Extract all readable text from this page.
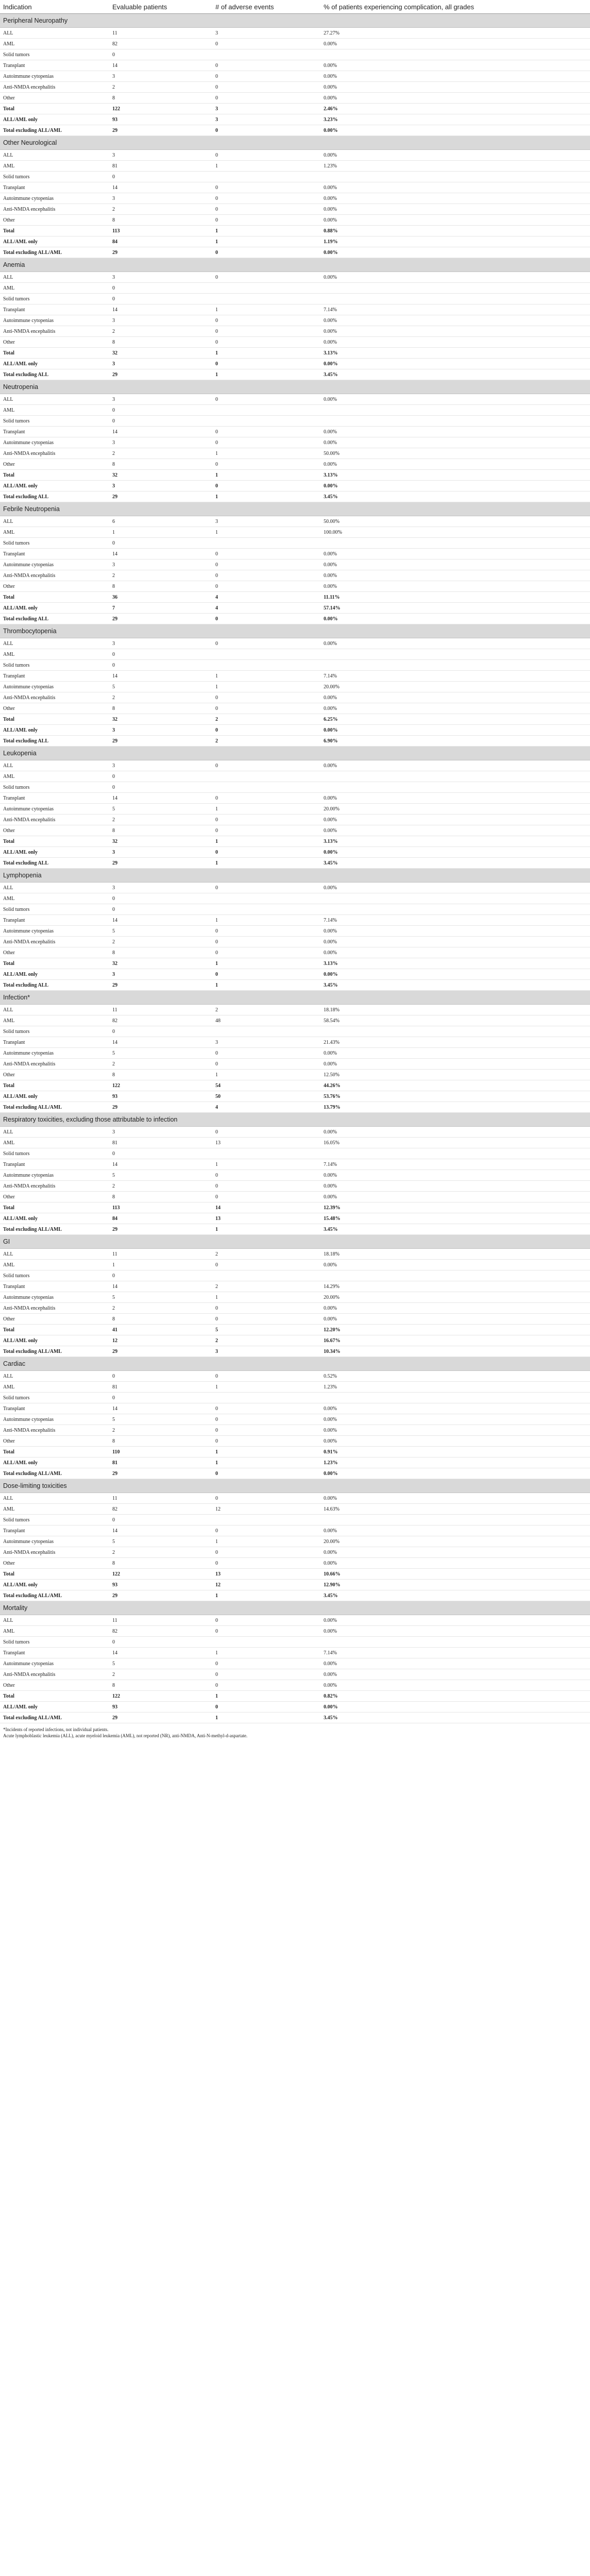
Indication	Evaluable patients	# of adverse events	% of patients experiencing complication, all grades
Peripheral Neuropathy			
ALL	11	3	27.27%
AML	82	0	0.00%
Solid tumors	0		
Transplant	14	0	0.00%
Autoimmune cytopenias	3	0	0.00%
Anti-NMDA encephalitis	2	0	0.00%
Other	8	0	0.00%
Total	122	3	2.46%
ALL/AML only	93	3	3.23%
Total excluding ALL/AML	29	0	0.00%
Other Neurological			
ALL	3	0	0.00%
AML	81	1	1.23%
Solid tumors	0		
Transplant	14	0	0.00%
Autoimmune cytopenias	3	0	0.00%
Anti-NMDA encephalitis	2	0	0.00%
Other	8	0	0.00%
Total	113	1	0.88%
ALL/AML only	84	1	1.19%
Total excluding ALL/AML	29	0	0.00%
Anemia			
ALL	3	0	0.00%
AML	0		
Solid tumors	0		
Transplant	14	1	7.14%
Autoimmune cytopenias	3	0	0.00%
Anti-NMDA encephalitis	2	0	0.00%
Other	8	0	0.00%
Total	32	1	3.13%
ALL/AML only	3	0	0.00%
Total excluding ALL	29	1	3.45%
Neutropenia			
ALL	3	0	0.00%
AML	0		
Solid tumors	0		
Transplant	14	0	0.00%
Autoimmune cytopenias	3	0	0.00%
Anti-NMDA encephalitis	2	1	50.00%
Other	8	0	0.00%
Total	32	1	3.13%
ALL/AML only	3	0	0.00%
Total excluding ALL	29	1	3.45%
Febrile Neutropenia			
ALL	6	3	50.00%
AML	1	1	100.00%
Solid tumors	0		
Transplant	14	0	0.00%
Autoimmune cytopenias	3	0	0.00%
Anti-NMDA encephalitis	2	0	0.00%
Other	8	0	0.00%
Total	36	4	11.11%
ALL/AML only	7	4	57.14%
Total excluding ALL	29	0	0.00%
Thrombocytopenia			
ALL	3	0	0.00%
AML	0		
Solid tumors	0		
Transplant	14	1	7.14%
Autoimmune cytopenias	5	1	20.00%
Anti-NMDA encephalitis	2	0	0.00%
Other	8	0	0.00%
Total	32	2	6.25%
ALL/AML only	3	0	0.00%
Total excluding ALL	29	2	6.90%
Leukopenia			
ALL	3	0	0.00%
AML	0		
Solid tumors	0		
Transplant	14	0	0.00%
Autoimmune cytopenias	5	1	20.00%
Anti-NMDA encephalitis	2	0	0.00%
Other	8	0	0.00%
Total	32	1	3.13%
ALL/AML only	3	0	0.00%
Total excluding ALL	29	1	3.45%
Lymphopenia			
ALL	3	0	0.00%
AML	0		
Solid tumors	0		
Transplant	14	1	7.14%
Autoimmune cytopenias	5	0	0.00%
Anti-NMDA encephalitis	2	0	0.00%
Other	8	0	0.00%
Total	32	1	3.13%
ALL/AML only	3	0	0.00%
Total excluding ALL	29	1	3.45%
Infection*			
ALL	11	2	18.18%
AML	82	48	58.54%
Solid tumors	0		
Transplant	14	3	21.43%
Autoimmune cytopenias	5	0	0.00%
Anti-NMDA encephalitis	2	0	0.00%
Other	8	1	12.50%
Total	122	54	44.26%
ALL/AML only	93	50	53.76%
Total excluding ALL/AML	29	4	13.79%
Respiratory toxicities, excluding those attributable to infection			
ALL	3	0	0.00%
AML	81	13	16.05%
Solid tumors	0		
Transplant	14	1	7.14%
Autoimmune cytopenias	5	0	0.00%
Anti-NMDA encephalitis	2	0	0.00%
Other	8	0	0.00%
Total	113	14	12.39%
ALL/AML only	84	13	15.48%
Total excluding ALL/AML	29	1	3.45%
GI			
ALL	11	2	18.18%
AML	1	0	0.00%
Solid tumors	0		
Transplant	14	2	14.29%
Autoimmune cytopenias	5	1	20.00%
Anti-NMDA encephalitis	2	0	0.00%
Other	8	0	0.00%
Total	41	5	12.20%
ALL/AML only	12	2	16.67%
Total excluding ALL/AML	29	3	10.34%
Cardiac			
ALL	0	0	0.52%
AML	81	1	1.23%
Solid tumors	0		
Transplant	14	0	0.00%
Autoimmune cytopenias	5	0	0.00%
Anti-NMDA encephalitis	2	0	0.00%
Other	8	0	0.00%
Total	110	1	0.91%
ALL/AML only	81	1	1.23%
Total excluding ALL/AML	29	0	0.00%
Dose-limiting toxicities			
ALL	11	0	0.00%
AML	82	12	14.63%
Solid tumors	0		
Transplant	14	0	0.00%
Autoimmune cytopenias	5	1	20.00%
Anti-NMDA encephalitis	2	0	0.00%
Other	8	0	0.00%
Total	122	13	10.66%
ALL/AML only	93	12	12.90%
Total excluding ALL/AML	29	1	3.45%
Mortality			
ALL	11	0	0.00%
AML	82	0	0.00%
Solid tumors	0		
Transplant	14	1	7.14%
Autoimmune cytopenias	5	0	0.00%
Anti-NMDA encephalitis	2	0	0.00%
Other	8	0	0.00%
Total	122	1	0.82%
ALL/AML only	93	0	0.00%
Total excluding ALL/AML	29	1	3.45%

*Incidents of reported infections, not individual patients.

Acute lymphoblastic leukemia (ALL), acute myeloid leukemia (AML), not reported (NR), anti-NMDA, Anti-N-methyl-d-aspartate.
